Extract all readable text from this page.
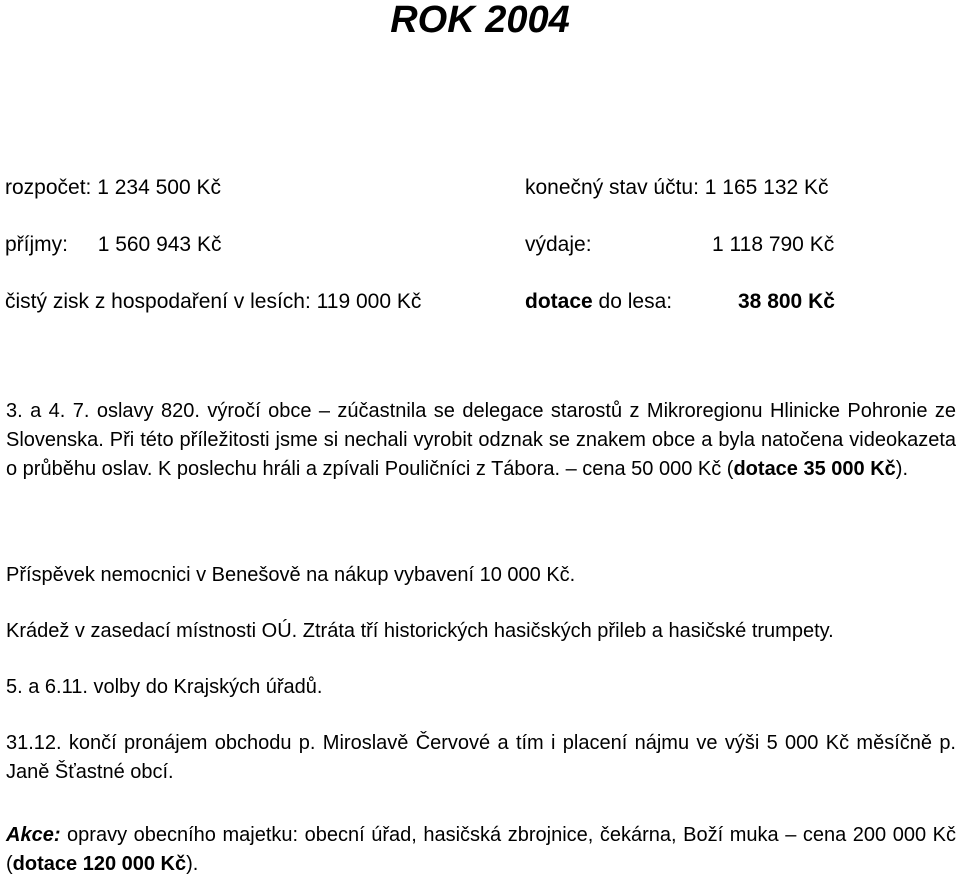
ROK 2004
rozpočet: 1 234 500 Kč	konečný stav účtu: 1 165 132 Kč
příjmy: 1 560 943 Kč	výdaje:	1 118 790 Kč
čistý zisk z hospodaření v lesích: 119 000 Kč	dotace do lesa:	38 800 Kč
3. a 4. 7. oslavy 820. výročí obce – zúčastnila se delegace starostů z Mikroregionu Hlinicke Pohronie ze Slovenska. Při této příležitosti jsme si nechali vyrobit odznak se znakem obce a byla natočena videokazeta o průběhu oslav. K poslechu hráli a zpívali Pouličníci z Tábora. – cena 50 000 Kč (dotace 35 000 Kč).
Příspěvek nemocnici v Benešově na nákup vybavení 10 000 Kč.
Krádež v zasedací místnosti OÚ. Ztráta tří historických hasičských přileb a hasičské trumpety.
5. a 6.11. volby do Krajských úřadů.
31.12. končí pronájem obchodu p. Miroslavě Červové a tím i placení nájmu ve výši 5 000 Kč měsíčně p. Janě Šťastné obcí.
Akce: opravy obecního majetku: obecní úřad, hasičská zbrojnice, čekárna, Boží muka – cena 200 000 Kč (dotace 120 000 Kč).
